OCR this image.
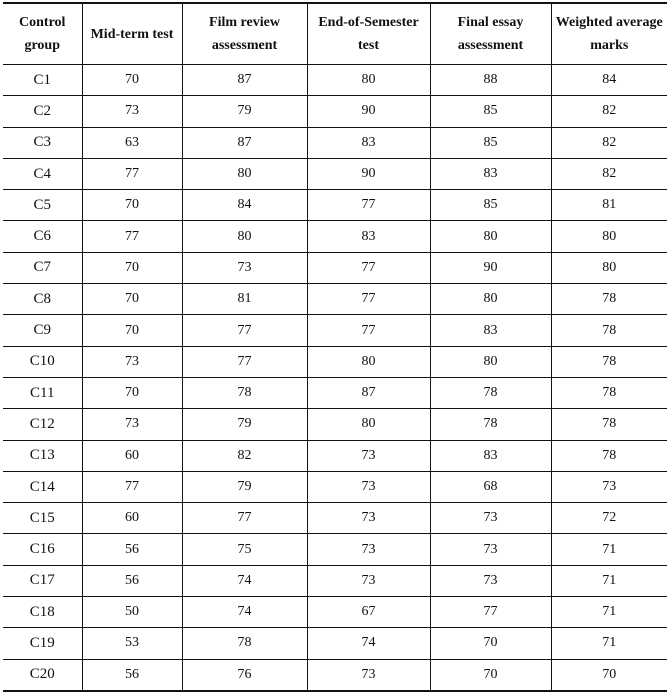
Control group	Mid-term test	Film review assessment	End-of-Semester test	Final essay assessment	Weighted average marks
C1	70	87	80	88	84
C2	73	79	90	85	82
C3	63	87	83	85	82
C4	77	80	90	83	82
C5	70	84	77	85	81
C6	77	80	83	80	80
C7	70	73	77	90	80
C8	70	81	77	80	78
C9	70	77	77	83	78
C10	73	77	80	80	78
C11	70	78	87	78	78
C12	73	79	80	78	78
C13	60	82	73	83	78
C14	77	79	73	68	73
C15	60	77	73	73	72
C16	56	75	73	73	71
C17	56	74	73	73	71
C18	50	74	67	77	71
C19	53	78	74	70	71
C20	56	76	73	70	70
